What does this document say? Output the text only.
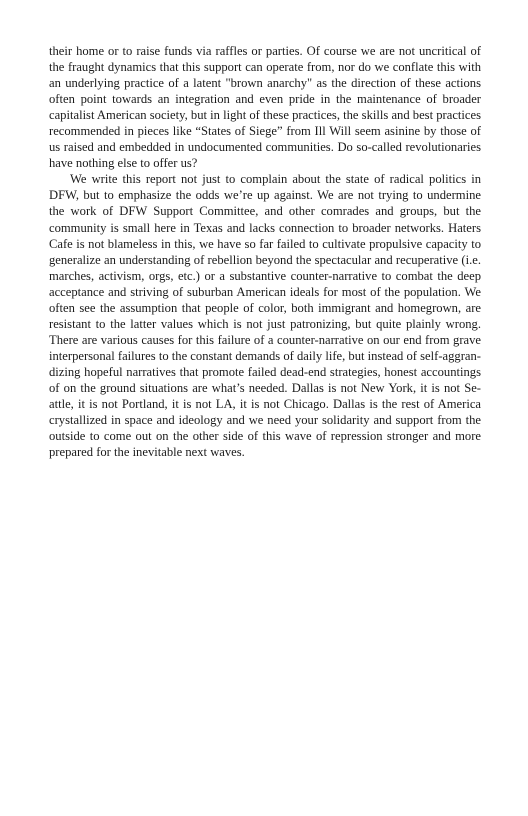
their home or to raise funds via raffles or parties. Of course we are not uncritical of the fraught dynamics that this support can operate from, nor do we conflate this with an underlying practice of a latent "brown anarchy" as the direction of these actions often point towards an integration and even pride in the maintenance of broader capitalist American society, but in light of these practices, the skills and best practices recommended in pieces like “States of Siege” from Ill Will seem asinine by those of us raised and embedded in undocumented communities. Do so-called revolutionaries have nothing else to offer us?

We write this report not just to complain about the state of radical politics in DFW, but to emphasize the odds we’re up against. We are not trying to undermine the work of DFW Support Committee, and other comrades and groups, but the community is small here in Texas and lacks connection to broader networks. Haters Cafe is not blameless in this, we have so far failed to cultivate propulsive capacity to generalize an understanding of rebellion beyond the spectacular and recuperative (i.e. marches, activism, orgs, etc.) or a substantive counter-narrative to combat the deep acceptance and striving of suburban American ideals for most of the population. We often see the assumption that people of color, both immigrant and homegrown, are resistant to the latter values which is not just patronizing, but quite plainly wrong. There are various causes for this failure of a counter-narrative on our end from grave interpersonal failures to the constant demands of daily life, but instead of self-aggrandizing hopeful narratives that promote failed dead-end strategies, honest accountings of on the ground situations are what’s needed. Dallas is not New York, it is not Seattle, it is not Portland, it is not LA, it is not Chicago. Dallas is the rest of America crystallized in space and ideology and we need your solidarity and support from the outside to come out on the other side of this wave of repression stronger and more prepared for the inevitable next waves.
